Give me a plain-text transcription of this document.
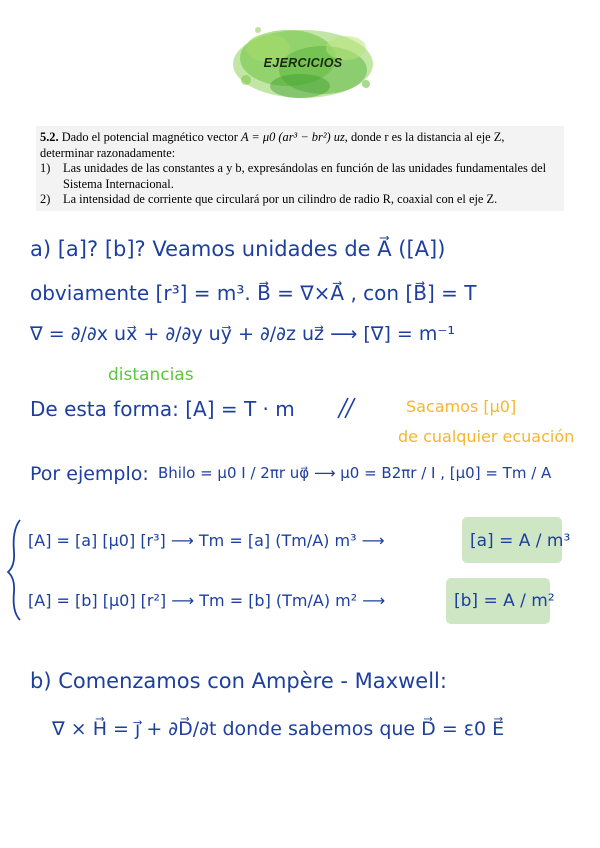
EJERCICIOS

5.2. Dado el potencial magnético vector A = μ0 (ar³ − br²) uz, donde r es la distancia al eje Z, determinar razonadamente:

1) Las unidades de las constantes a y b, expresándolas en función de las unidades fundamentales del Sistema Internacional.
2) La intensidad de corriente que circulará por un cilindro de radio R, coaxial con el eje Z.
a) [a]? [b]? Veamos unidades de A⃗ ([A])
obviamente [r³] = m³. B⃗ = ∇×A⃗ , con [B⃗] = T
∇ = ∂/∂x ux⃗ + ∂/∂y uy⃗ + ∂/∂z uz⃗ ⟶ [∇] = m⁻¹
De esta forma: [A] = T · m
Por ejemplo: Bhilo = μ0 I / 2πr uφ⃗ ⟶ μ0 = B2πr / I , [μ0] = Tm / A
[A] = [a] [μ0] [r³] ⟶ Tm = [a] (Tm/A) m³ ⟶	[a] = A / m³
[A] = [b] [μ0] [r²] ⟶ Tm = [b] (Tm/A) m² ⟶	[b] = A / m²
b) Comenzamos con Ampère - Maxwell:
∇ × H⃗ = j⃗ + ∂D⃗/∂t donde sabemos que D⃗ = ε0 E⃗
distancias
Sacamos [μ0]
de cualquier ecuación
